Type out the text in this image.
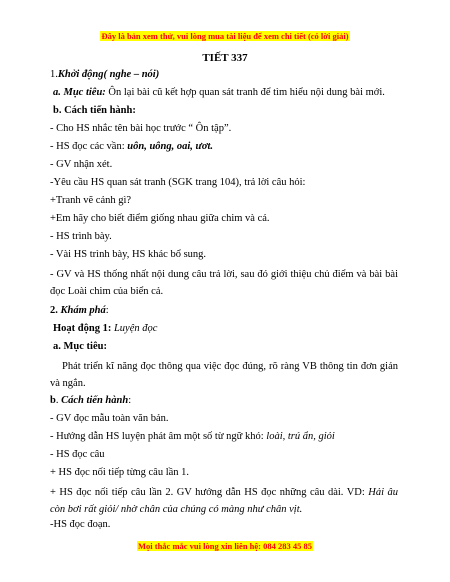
Đây là bản xem thử, vui lòng mua tài liệu để xem chi tiết (có lời giải)
TIẾT 337
1.Khởi động( nghe – nói)
a. Mục tiêu: Ôn lại bài cũ kết hợp quan sát tranh để tìm hiểu nội dung bài mới.
b. Cách tiến hành:
- Cho HS nhắc tên bài học trước “ Ôn tập”.
- HS đọc các vần: uôn, uông, oai, ươt.
- GV nhận xét.
-Yêu cầu HS quan sát tranh (SGK trang 104), trả lời câu hỏi:
+Tranh vẽ cảnh gì?
+Em hãy cho biết điểm giống nhau giữa chim và cá.
- HS trình bày.
- Vài HS trình bày, HS khác bổ sung.
- GV và HS thống nhất nội dung câu trả lời, sau đó giới thiệu chủ điểm và bài bài đọc Loài chim của biển cả.
2. Khám phá:
Hoạt động 1: Luyện đọc
a. Mục tiêu:
Phát triển kĩ năng đọc thông qua việc đọc đúng, rõ ràng VB thông tin đơn giản và ngắn.
b. Cách tiến hành:
- GV đọc mẫu toàn văn bản.
- Hướng dẫn HS luyện phát âm một số từ ngữ khó: loài, trú ẩn, giỏi
- HS đọc câu
+ HS đọc nối tiếp từng câu lần 1.
+ HS đọc nối tiếp câu lần 2. GV hướng dẫn HS đọc những câu dài. VD: Hải âu còn bơi rất giỏi/ nhờ chân của chúng có màng như chân vịt.
-HS đọc đoạn.
Mọi thắc mắc vui lòng xin liên hệ: 084 283 45 85
